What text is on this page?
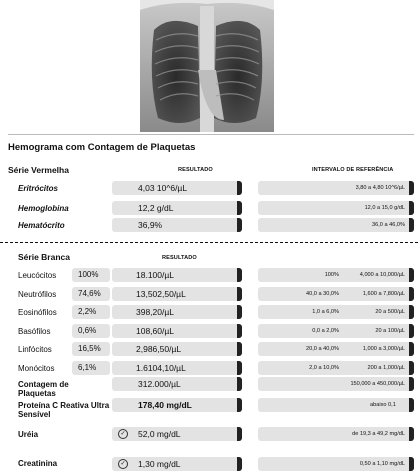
Hemograma com Contagem de Plaquetas
Série Vermelha	RESULTADO	INTERVALO DE REFERÊNCIA
Eritrócitos	4,03 10^6/µL	3,80 a 4,80 10^6/µL
Hemoglobina	12,2 g/dL	12,0 a 15,0 g/dL
Hematócrito	36,9%	36,0 a 46,0%
Série Branca	RESULTADO
Leucócitos	100%	18.100/µL	100%	4,000 a 10,000/µL
Neutrófilos	74,6%	13,502,50/µL	40,0 a 30,0%	1,600 a 7,800/µL
Eosinófilos	2,2%	398,20/µL	1,0 a 6,0%	20 a 500/µL
Basófilos	0,6%	108,60/µL	0,0 a 2,0%	20 a 100/µL
Linfócitos	16,5%	2,986,50/µL	20,0 a 40,0%	1,000 a 3,000/µL
Monócitos	6,1%	1.6104,10/µL	2,0 a 10,0%	200 a 1,000/µL
Contagem de Plaquetas
312.000/µL	150,000 a 450,000/µL
Proteína C Reativa Ultra Sensível
178,40 mg/dL	abaixo 0,1
Uréia	✓ 52,0 mg/dL	de 19,3 a 49,2 mg/dL
Creatinina	✓ 1,30 mg/dL	0,50 a 1,10 mg/dL
